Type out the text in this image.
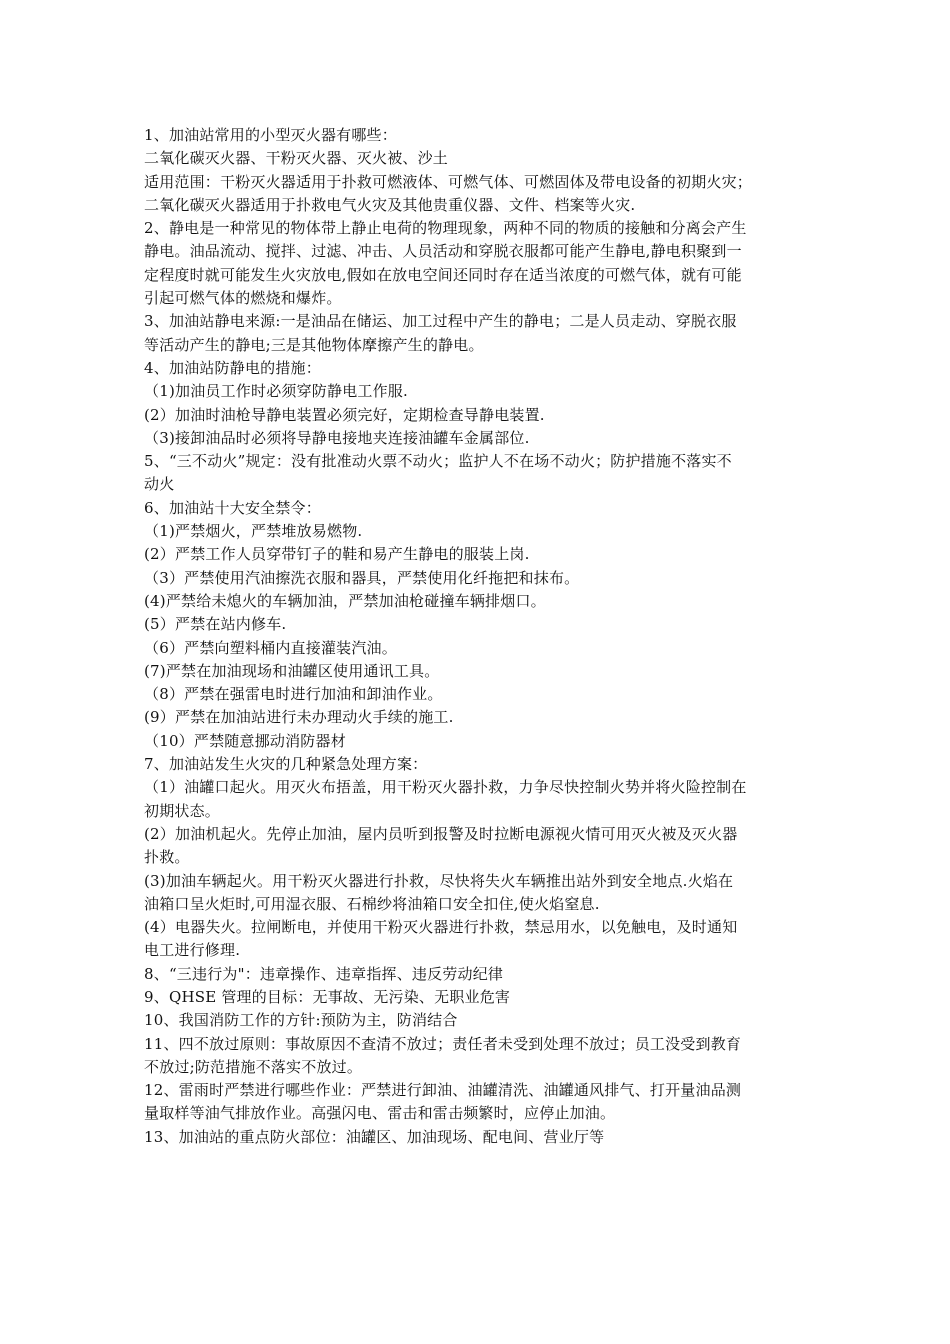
1、加油站常用的小型灭火器有哪些：
二氧化碳灭火器、干粉灭火器、灭火被、沙土
适用范围：干粉灭火器适用于扑救可燃液体、可燃气体、可燃固体及带电设备的初期火灾；
二氧化碳灭火器适用于扑救电气火灾及其他贵重仪器、文件、档案等火灾.
2、静电是一种常见的物体带上静止电荷的物理现象，两种不同的物质的接触和分离会产生
静电。油品流动、搅拌、过滤、冲击、人员活动和穿脱衣服都可能产生静电,静电积聚到一
定程度时就可能发生火灾放电,假如在放电空间还同时存在适当浓度的可燃气体，就有可能
引起可燃气体的燃烧和爆炸。
3、加油站静电来源:一是油品在储运、加工过程中产生的静电；二是人员走动、穿脱衣服
等活动产生的静电;三是其他物体摩擦产生的静电。
4、加油站防静电的措施：
（1)加油员工作时必须穿防静电工作服.
(2）加油时油枪导静电装置必须完好，定期检查导静电装置.
（3)接卸油品时必须将导静电接地夹连接油罐车金属部位.
5、“三不动火”规定：没有批准动火票不动火；监护人不在场不动火；防护措施不落实不
动火
6、加油站十大安全禁令：
（1)严禁烟火，严禁堆放易燃物.
(2）严禁工作人员穿带钉子的鞋和易产生静电的服装上岗.
（3）严禁使用汽油擦洗衣服和器具，严禁使用化纤拖把和抹布。
(4)严禁给未熄火的车辆加油，严禁加油枪碰撞车辆排烟口。
(5）严禁在站内修车.
（6）严禁向塑料桶内直接灌装汽油。
(7)严禁在加油现场和油罐区使用通讯工具。
（8）严禁在强雷电时进行加油和卸油作业。
(9）严禁在加油站进行未办理动火手续的施工.
（10）严禁随意挪动消防器材
7、加油站发生火灾的几种紧急处理方案：
（1）油罐口起火。用灭火布捂盖，用干粉灭火器扑救，力争尽快控制火势并将火险控制在
初期状态。
(2）加油机起火。先停止加油，屋内员听到报警及时拉断电源视火情可用灭火被及灭火器
扑救。
(3)加油车辆起火。用干粉灭火器进行扑救，尽快将失火车辆推出站外到安全地点.火焰在
油箱口呈火炬时,可用湿衣服、石棉纱将油箱口安全扣住,使火焰窒息.
(4）电器失火。拉闸断电，并使用干粉灭火器进行扑救，禁忌用水，以免触电，及时通知
电工进行修理.
8、“三违行为"：违章操作、违章指挥、违反劳动纪律
9、QHSE 管理的目标：无事故、无污染、无职业危害
10、我国消防工作的方针:预防为主，防消结合
11、四不放过原则：事故原因不查清不放过；责任者未受到处理不放过；员工没受到教育
不放过;防范措施不落实不放过。
12、雷雨时严禁进行哪些作业：严禁进行卸油、油罐清洗、油罐通风排气、打开量油品测
量取样等油气排放作业。高强闪电、雷击和雷击频繁时，应停止加油。
13、加油站的重点防火部位：油罐区、加油现场、配电间、营业厅等
